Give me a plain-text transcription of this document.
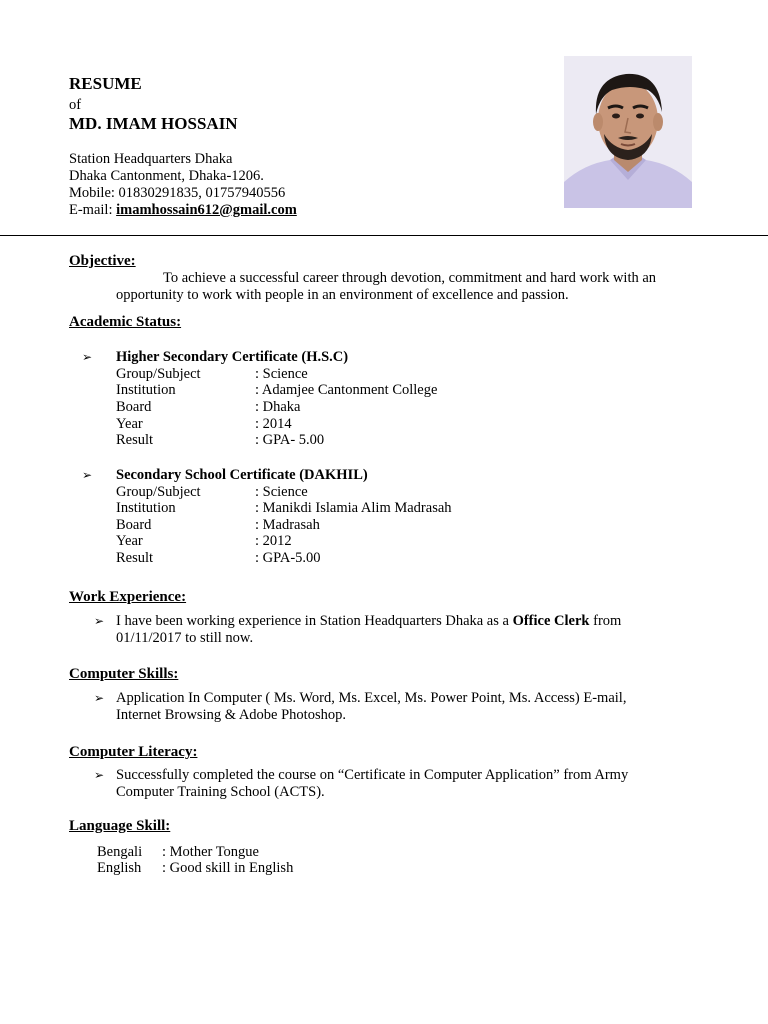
RESUME
of
MD. IMAM HOSSAIN
Station Headquarters Dhaka
Dhaka Cantonment, Dhaka-1206.
Mobile: 01830291835, 01757940556
E-mail: imamhossain612@gmail.com
Objective:
To achieve a successful career through devotion, commitment and hard work with an
opportunity to work with people in an environment of excellence and passion.
Academic Status:
➢ Higher Secondary Certificate (H.S.C)
Group/Subject	: Science
Institution	: Adamjee Cantonment College
Board	: Dhaka
Year	: 2014
Result	: GPA- 5.00
➢ Secondary School Certificate (DAKHIL)
Group/Subject	: Science
Institution	: Manikdi Islamia Alim Madrasah
Board	: Madrasah
Year	: 2012
Result	: GPA-5.00
Work Experience:
➢ I have been working experience in Station Headquarters Dhaka as a Office Clerk from
01/11/2017 to still now.
Computer Skills:
➢ Application In Computer ( Ms. Word, Ms. Excel, Ms. Power Point, Ms. Access) E-mail,
Internet Browsing & Adobe Photoshop.
Computer Literacy:
➢ Successfully completed the course on “Certificate in Computer Application” from Army
Computer Training School (ACTS).
Language Skill:
Bengali : Mother Tongue
English : Good skill in English
